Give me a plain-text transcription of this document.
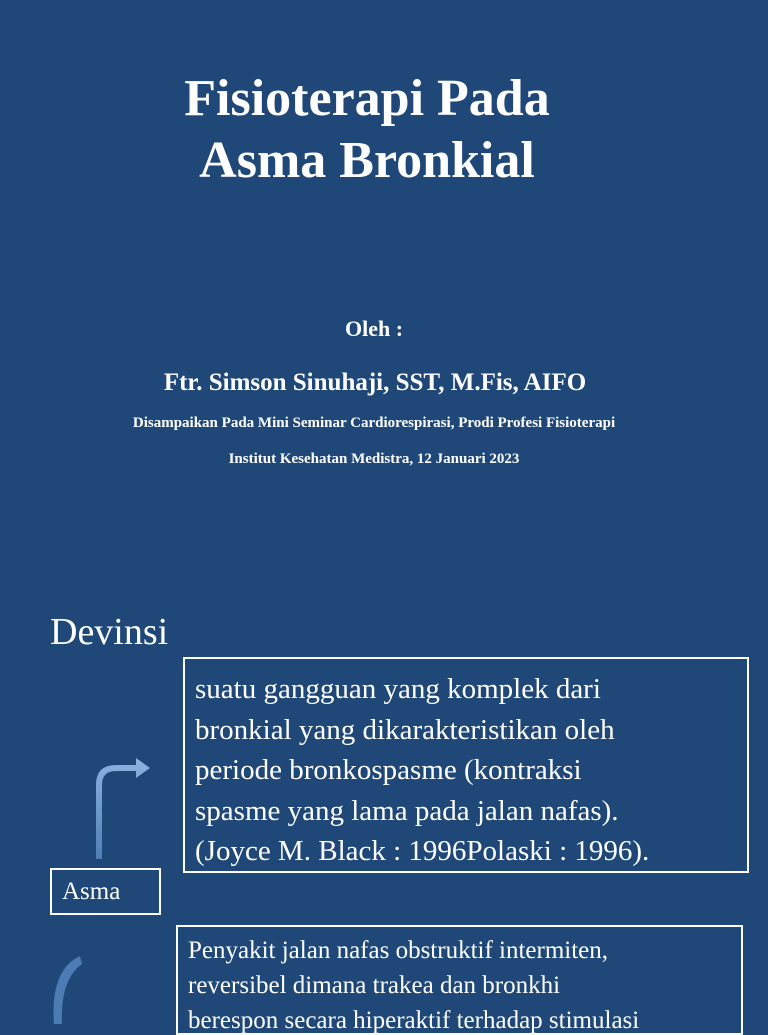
Fisioterapi Pada
Asma Bronkial
Oleh :
Ftr. Simson Sinuhaji, SST, M.Fis, AIFO
Disampaikan Pada Mini Seminar Cardiorespirasi, Prodi Profesi Fisioterapi
Institut Kesehatan Medistra, 12 Januari 2023
Devinsi
suatu gangguan yang komplek dari
bronkial yang dikarakteristikan oleh
periode bronkospasme (kontraksi
spasme yang lama pada jalan nafas).
(Joyce M. Black : 1996Polaski : 1996).
Asma
Penyakit jalan nafas obstruktif intermiten,
reversibel dimana trakea dan bronkhi
berespon secara hiperaktif terhadap stimulasi
